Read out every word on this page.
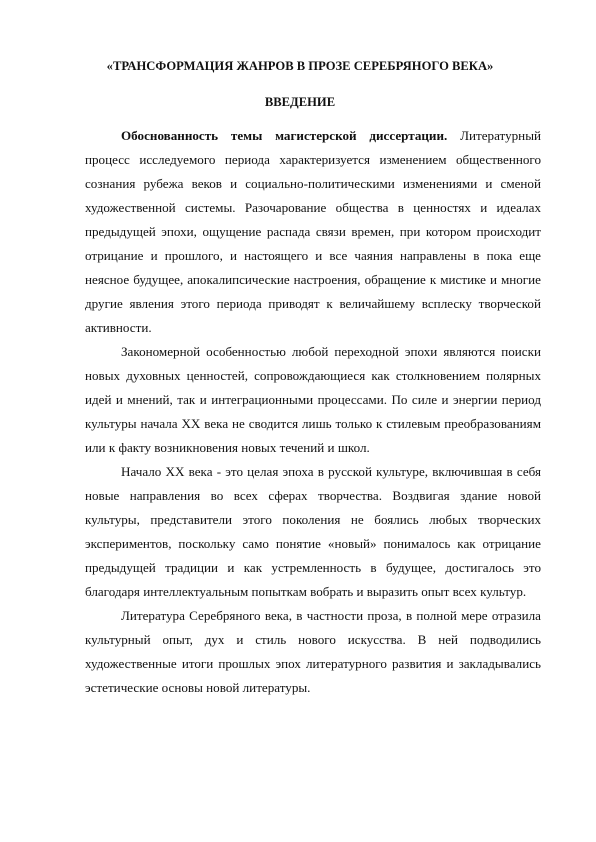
«ТРАНСФОРМАЦИЯ ЖАНРОВ В ПРОЗЕ СЕРЕБРЯНОГО ВЕКА»
ВВЕДЕНИЕ

Обоснованность темы магистерской диссертации. Литературный процесс исследуемого периода характеризуется изменением общественного сознания рубежа веков и социально-политическими изменениями и сменой художественной системы. Разочарование общества в ценностях и идеалах предыдущей эпохи, ощущение распада связи времен, при котором происходит отрицание и прошлого, и настоящего и все чаяния направлены в пока еще неясное будущее, апокалипсические настроения, обращение к мистике и многие другие явления этого периода приводят к величайшему всплеску творческой активности.

Закономерной особенностью любой переходной эпохи являются поиски новых духовных ценностей, сопровождающиеся как столкновением полярных идей и мнений, так и интеграционными процессами. По силе и энергии период культуры начала XX века не сводится лишь только к стилевым преобразованиям или к факту возникновения новых течений и школ.

Начало XX века - это целая эпоха в русской культуре, включившая в себя новые направления во всех сферах творчества. Воздвигая здание новой культуры, представители этого поколения не боялись любых творческих экспериментов, поскольку само понятие «новый» понималось как отрицание предыдущей традиции и как устремленность в будущее, достигалось это благодаря интеллектуальным попыткам вобрать и выразить опыт всех культур.

Литература Серебряного века, в частности проза, в полной мере отразила культурный опыт, дух и стиль нового искусства. В ней подводились художественные итоги прошлых эпох литературного развития и закладывались эстетические основы новой литературы.
